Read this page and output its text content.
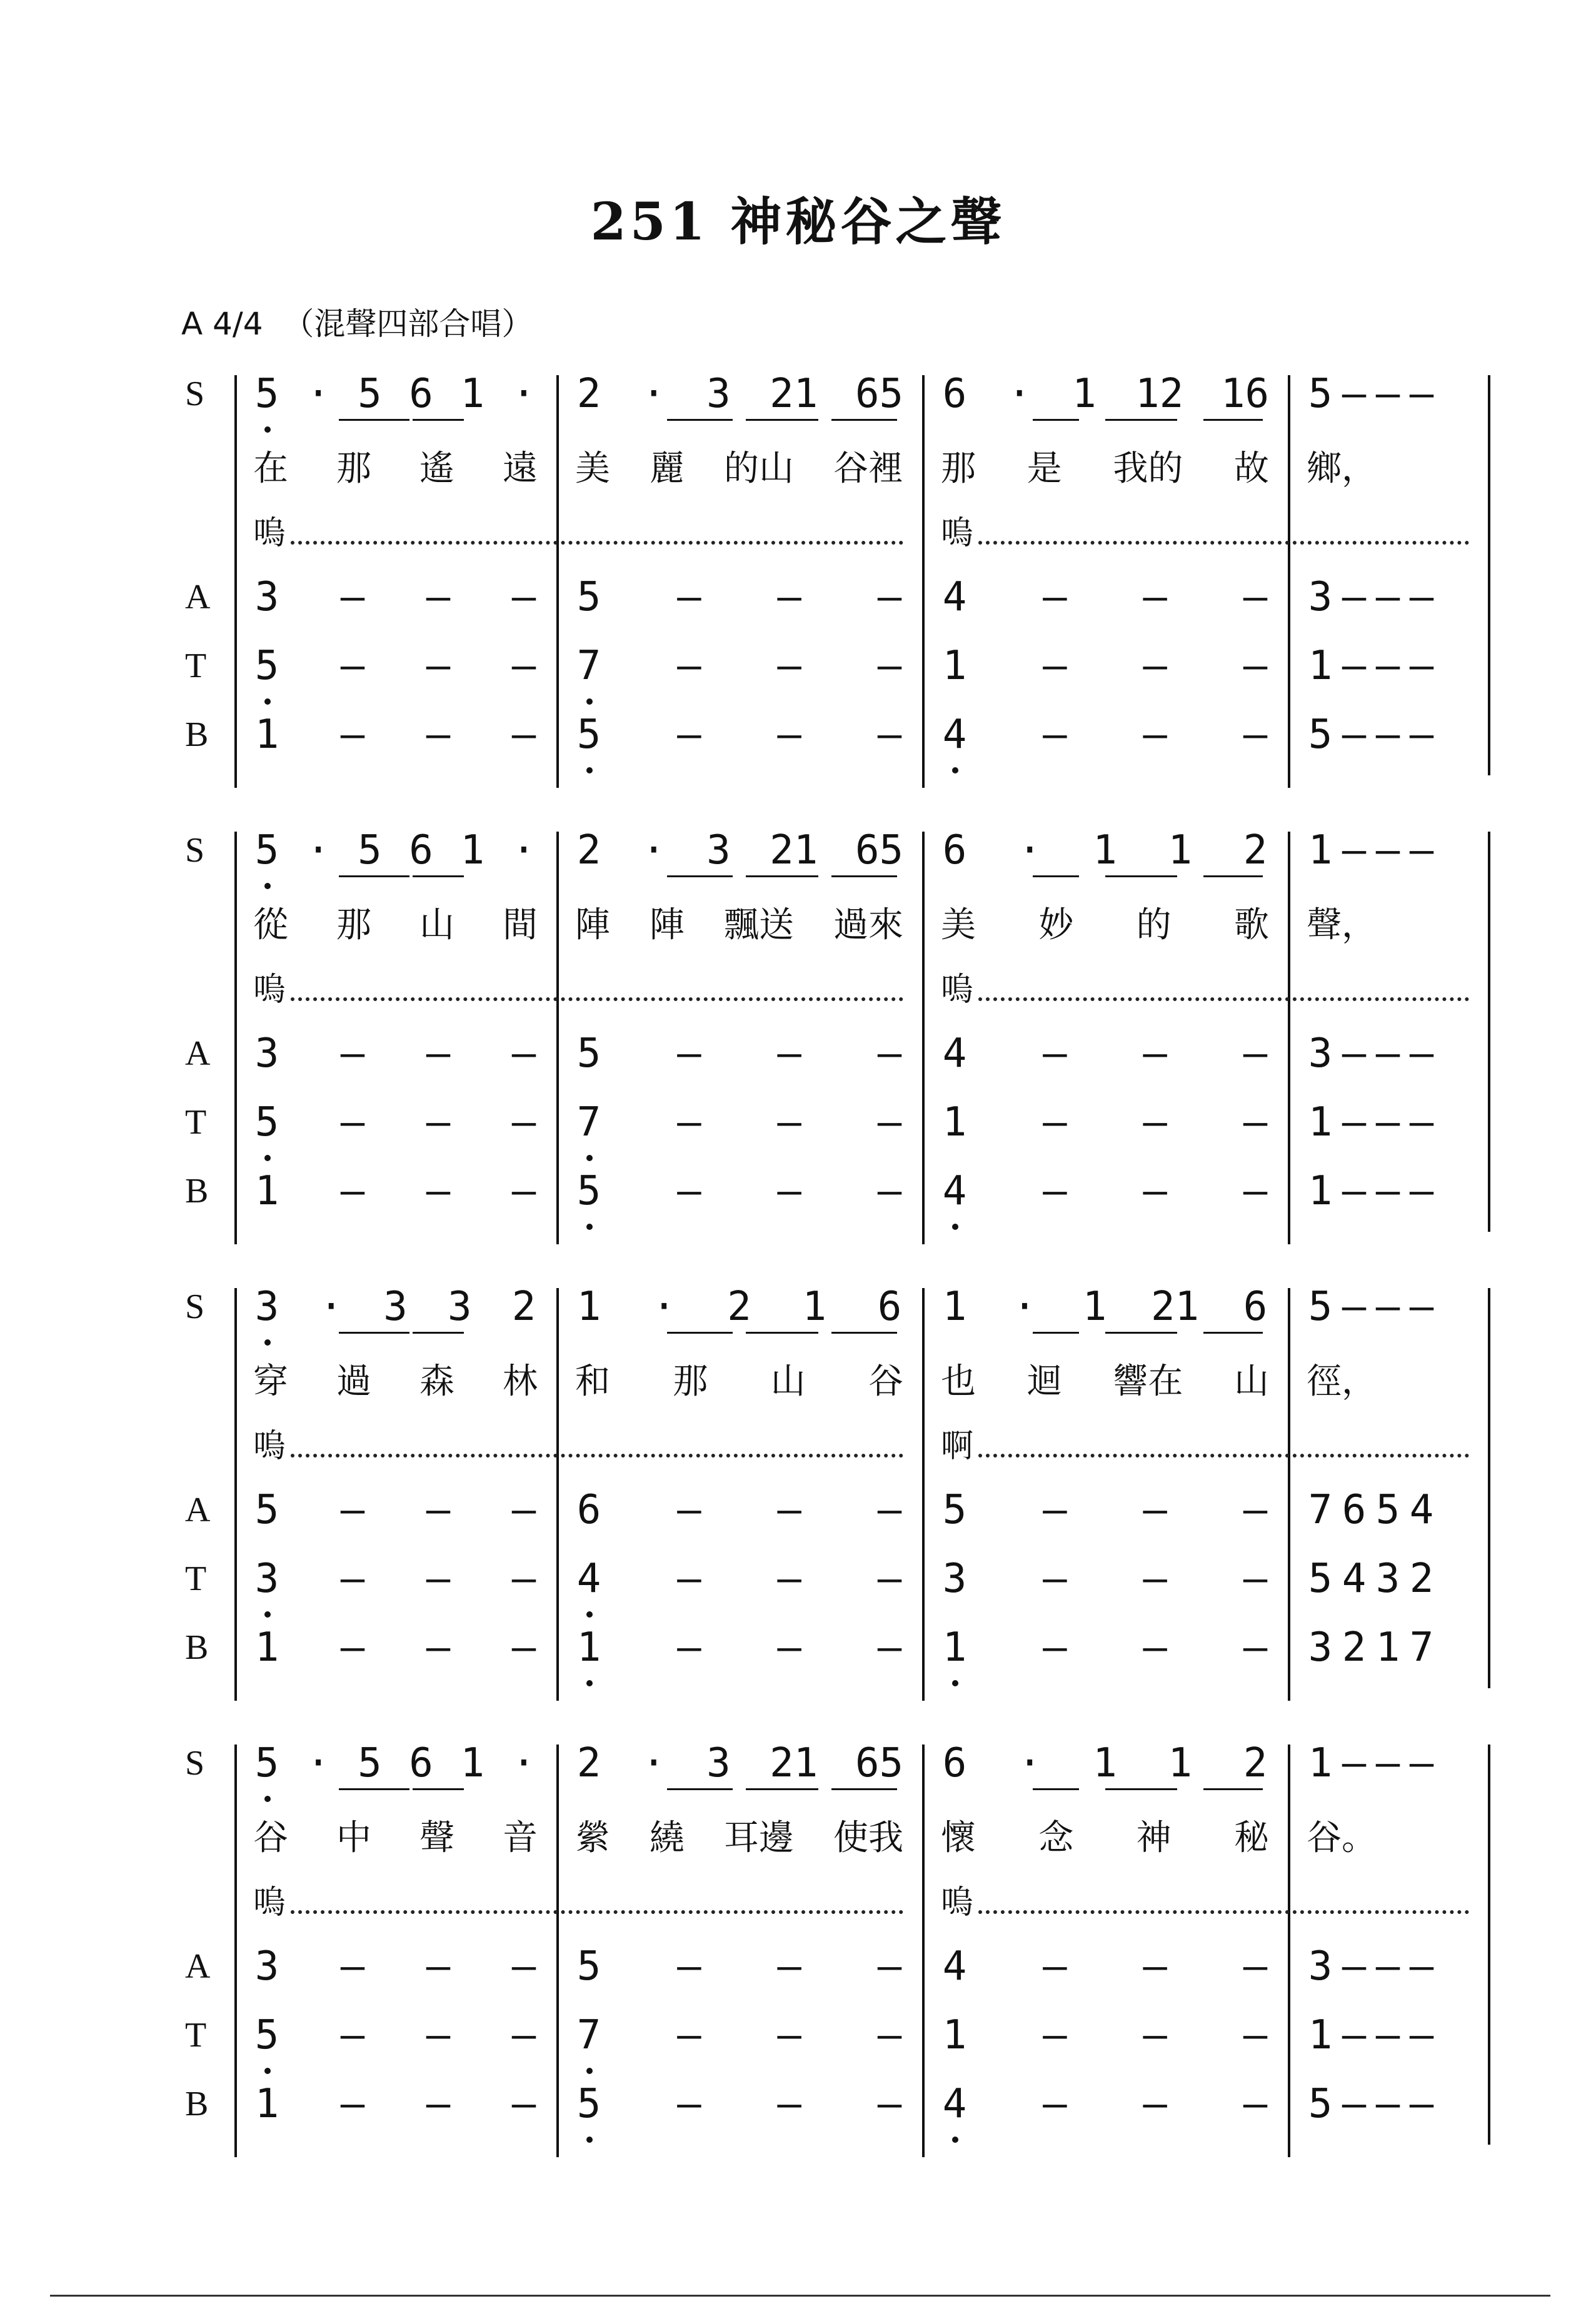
251 神秘谷之聲
A 4/4  （混聲四部合唱）
S
A
T
B
5 · 5 6 1 · 2 · 3 21 65 6 · 1 12 16 5 – – –
在 那 遙 遠 美 麗 的山 谷裡 那 是 我的 故 鄉，
3 – – – 5 – – – 4 – – – 3 – – –
5 – – – 7 – – – 1 – – – 1 – – –
1 – – – 5 – – – 4 – – – 5 – – –
嗚	嗚
S
A
T
B
5 · 5 6 1 · 2 · 3 21 65 6 · 1 1 2 1 – – –
從 那 山 間 陣 陣 飄送 過來 美 妙 的 歌 聲，
3 – – – 5 – – – 4 – – – 3 – – –
5 – – – 7 – – – 1 – – – 1 – – –
1 – – – 5 – – – 4 – – – 1 – – –
嗚	嗚
S
A
T
B
3 · 3 3 2 1 · 2 1 6 1 · 1 21 6 5 – – –
穿 過 森 林 和 那 山 谷 也 迴 響在 山 徑，
5 – – – 6 – – – 5 – – – 7 6 5 4
3 – – – 4 – – – 3 – – – 5 4 3 2
1 – – – 1 – – – 1 – – – 3 2 1 7
嗚	啊
S
A
T
B
5 · 5 6 1 · 2 · 3 21 65 6 · 1 1 2 1 – – –
谷 中 聲 音 縈 繞 耳邊 使我 懷 念 神 秘 谷。
3 – – – 5 – – – 4 – – – 3 – – –
5 – – – 7 – – – 1 – – – 1 – – –
1 – – – 5 – – – 4 – – – 5 – – –
嗚	嗚
